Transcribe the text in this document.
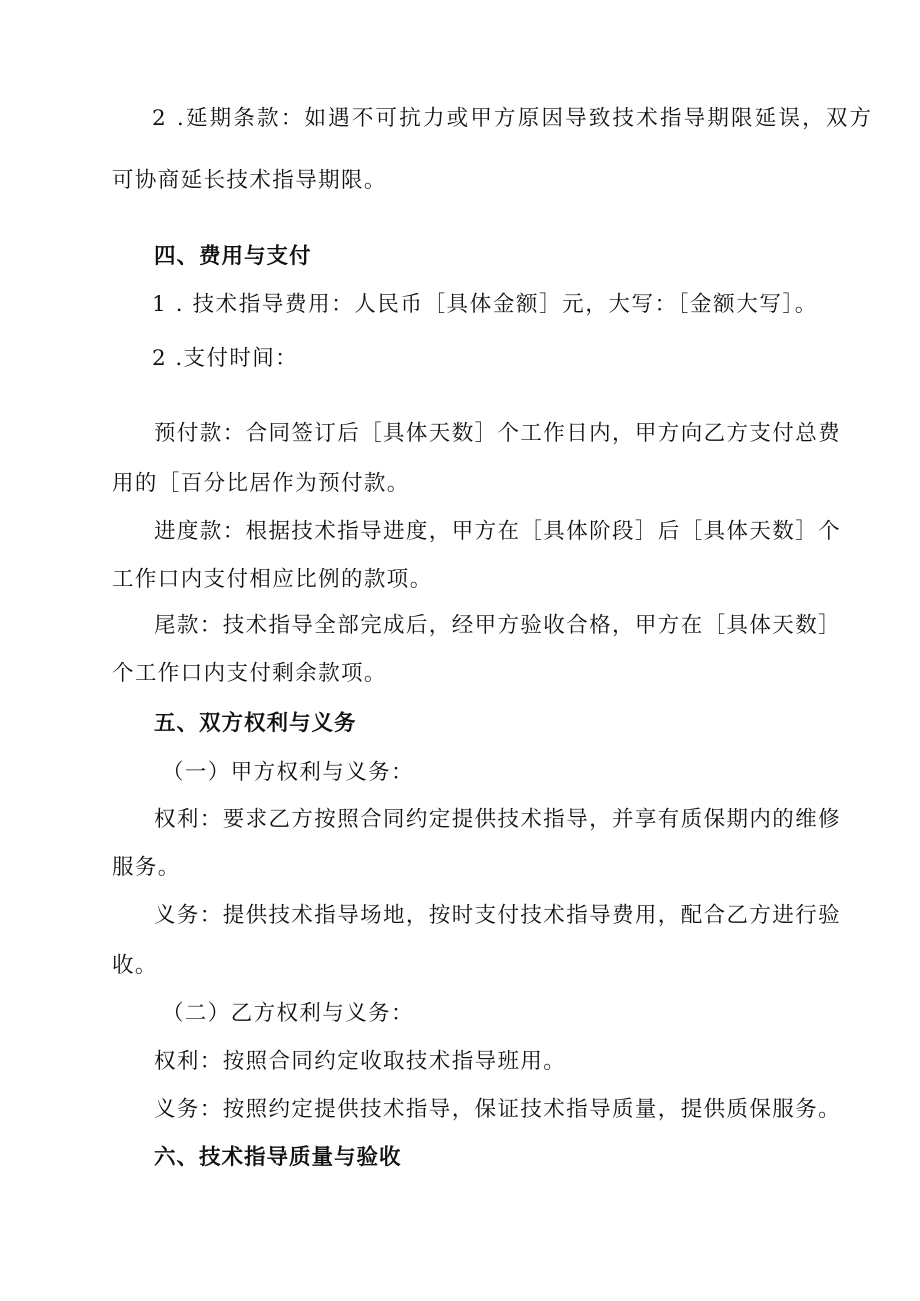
2 .延期条款：如遇不可抗力或甲方原因导致技术指导期限延误，双方

可协商延长技术指导期限。

四、费用与支付

1 . 技术指导费用：人民币［具体金额］元，大写：［金额大写］。

2 .支付时间：

预付款：合同签订后［具体天数］个工作日内，甲方向乙方支付总费

用的［百分比居作为预付款。

进度款：根据技术指导进度，甲方在［具体阶段］后［具体天数］个

工作口内支付相应比例的款项。

尾款：技术指导全部完成后，经甲方验收合格，甲方在［具体天数］

个工作口内支付剩余款项。

五、双方权利与义务

（一）甲方权利与义务：

权利：要求乙方按照合同约定提供技术指导，并享有质保期内的维修

服务。

义务：提供技术指导场地，按时支付技术指导费用，配合乙方进行验

收。

（二）乙方权利与义务：

权利：按照合同约定收取技术指导班用。

义务：按照约定提供技术指导，保证技术指导质量，提供质保服务。

六、技术指导质量与验收
